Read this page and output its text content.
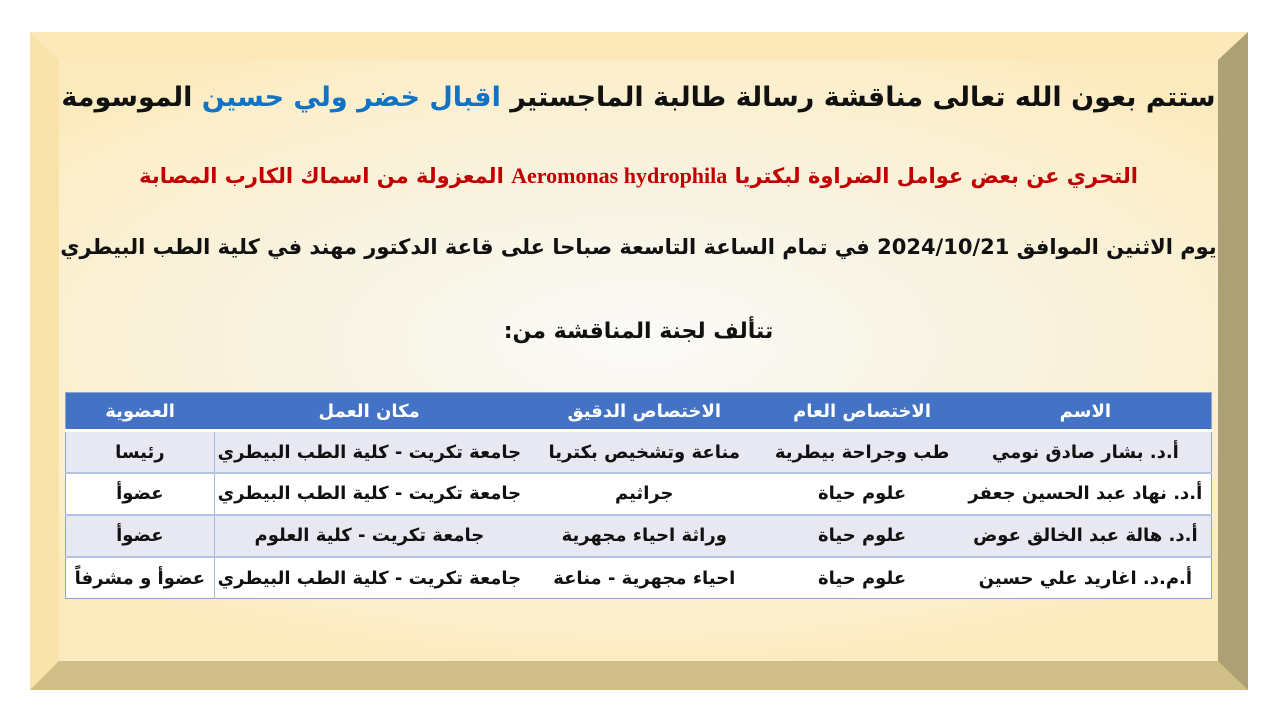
ستتم بعون الله تعالى مناقشة رسالة طالبة الماجستير اقبال خضر ولي حسين الموسومة

التحري عن بعض عوامل الضراوة لبكتريا Aeromonas hydrophila المعزولة من اسماك الكارب المصابة

يوم الاثنين الموافق 2024/10/21 في تمام الساعة التاسعة صباحا على قاعة الدكتور مهند في كلية الطب البيطري

تتألف لجنة المناقشة من:

الاسم	الاختصاص العام	الاختصاص الدقيق	مكان العمل	العضوية
أ.د. بشار صادق نومي	طب وجراحة بيطرية	مناعة وتشخيص بكتريا	جامعة تكريت - كلية الطب البيطري	رئيسا
أ.د. نهاد عبد الحسين جعفر	علوم حياة	جراثيم	جامعة تكريت - كلية الطب البيطري	عضوأ
أ.د. هالة عبد الخالق عوض	علوم حياة	وراثة احياء مجهرية	جامعة تكريت - كلية العلوم	عضوأ
أ.م.د. اغاريد علي حسين	علوم حياة	احياء مجهرية - مناعة	جامعة تكريت - كلية الطب البيطري	عضوأ و مشرفاً
